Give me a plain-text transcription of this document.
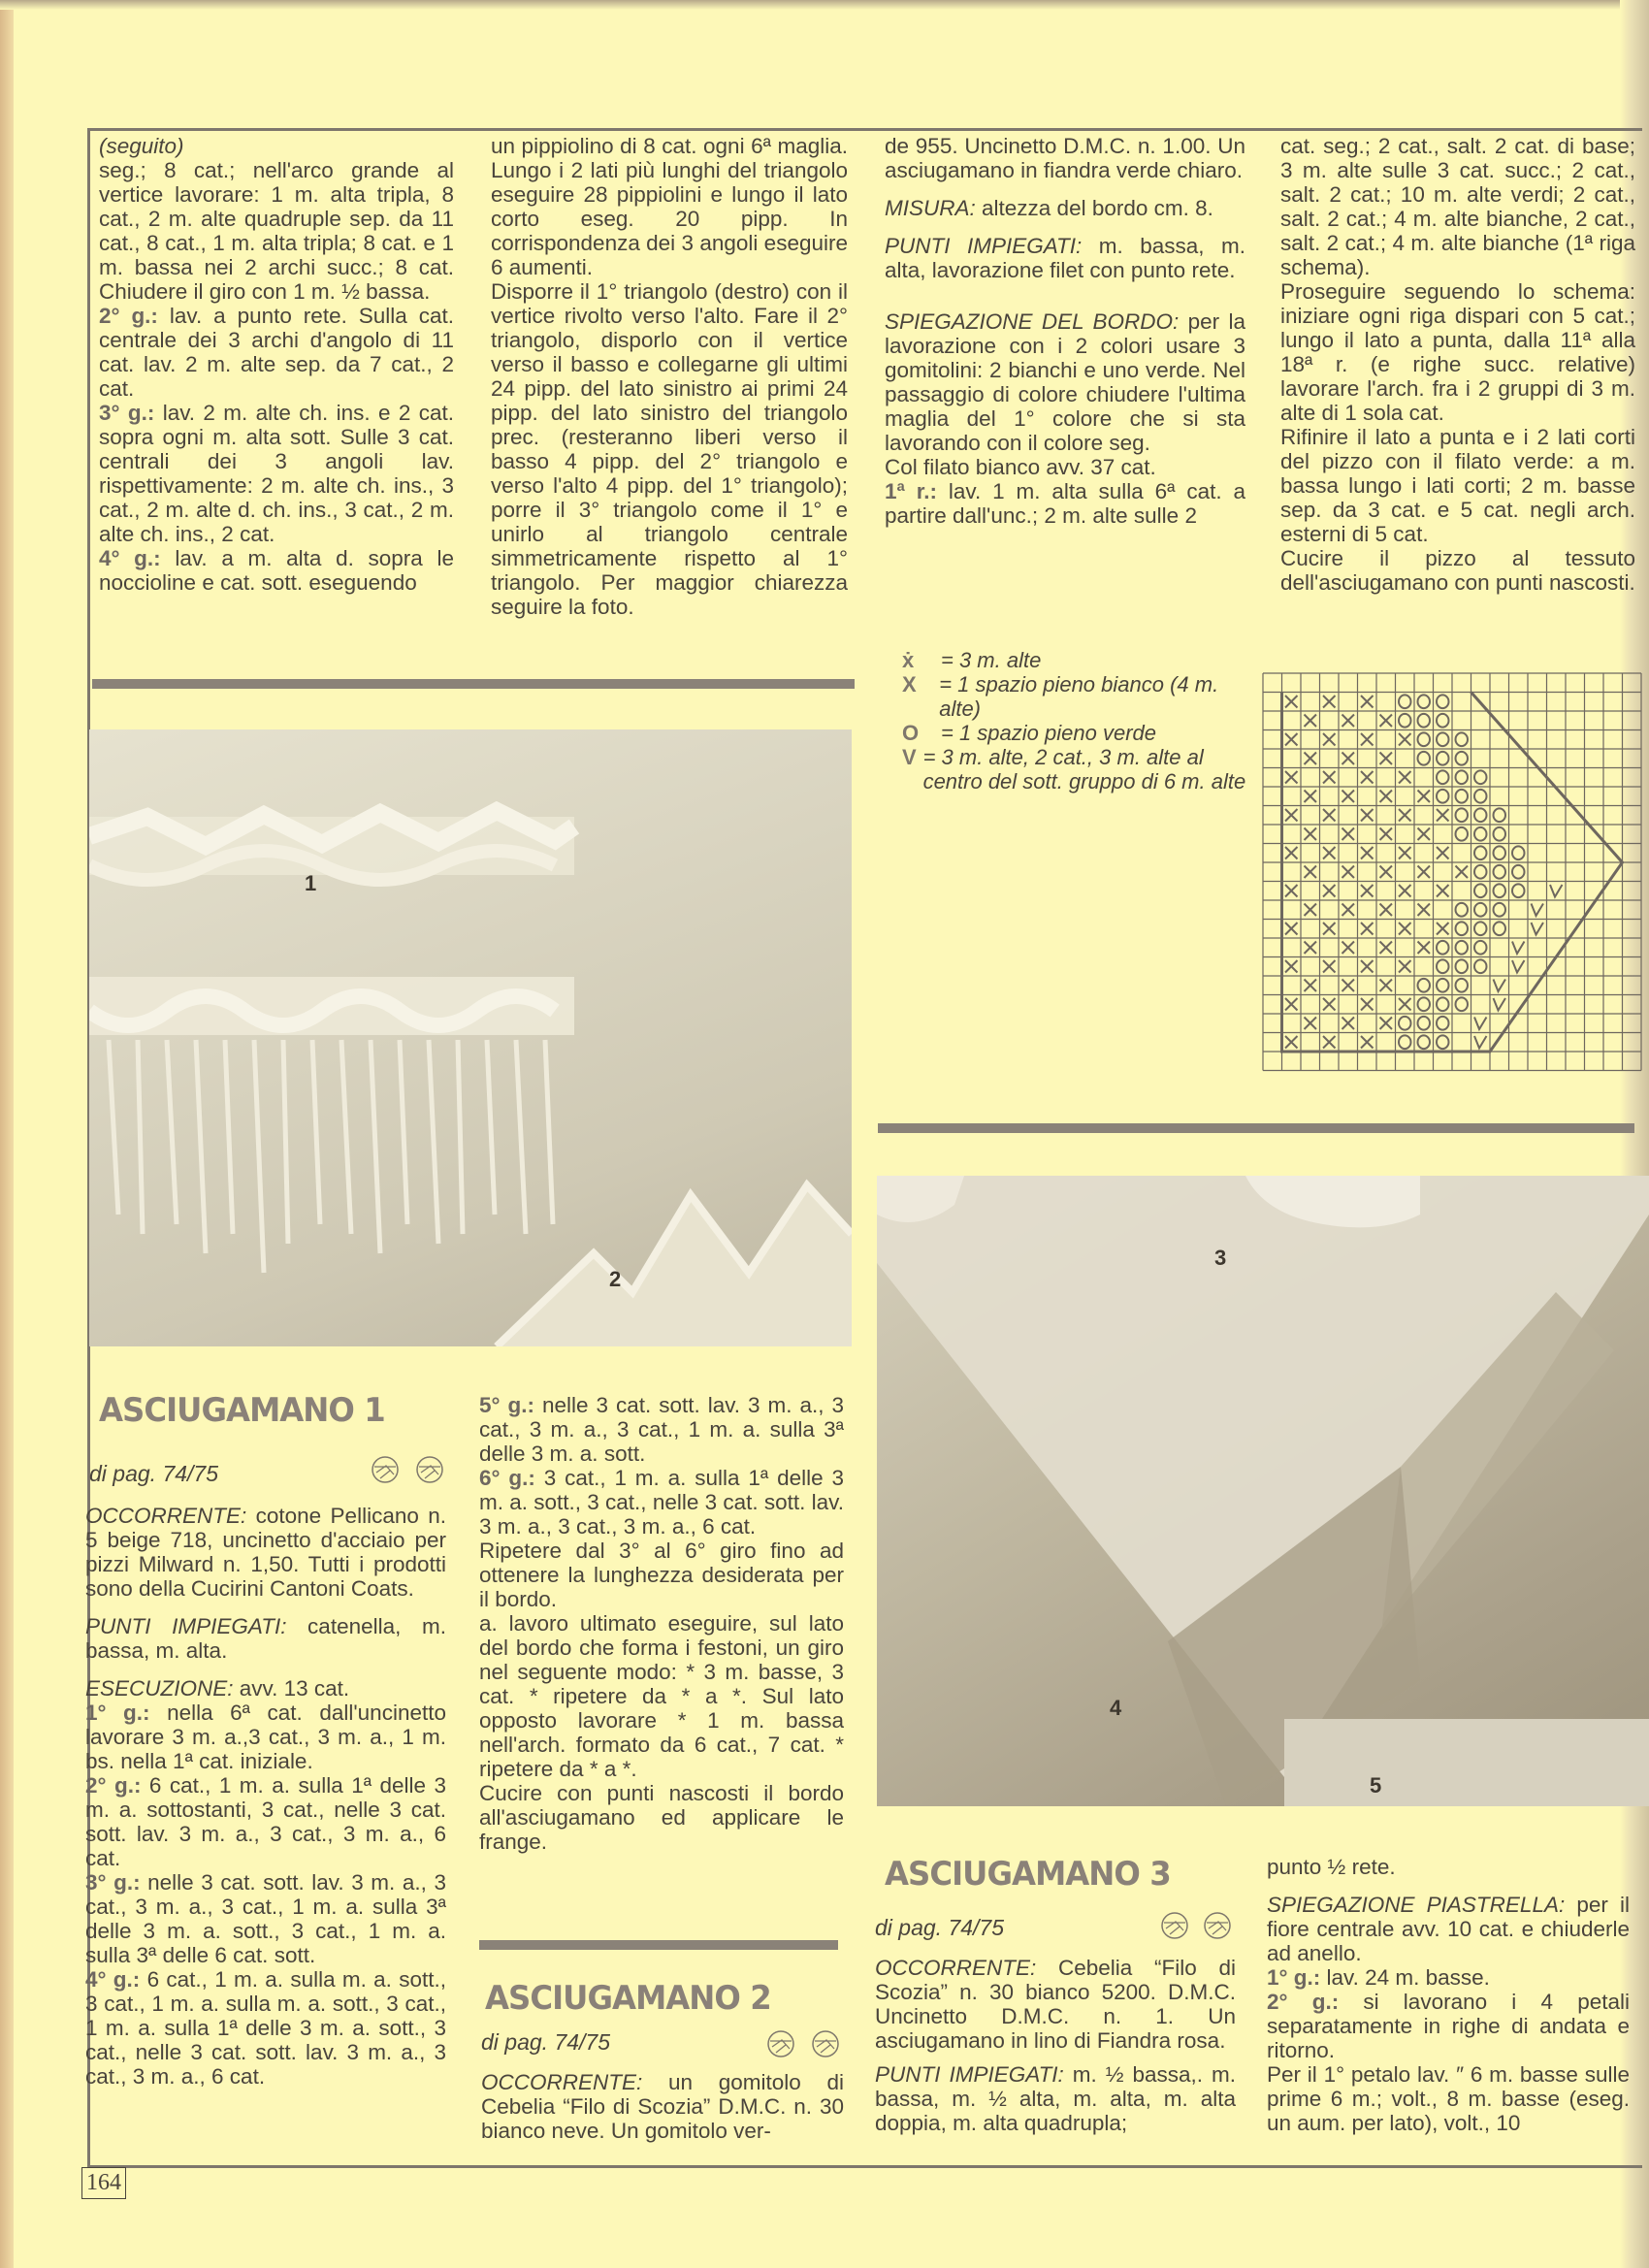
(seguito)

seg.; 8 cat.; nell'arco grande al vertice lavorare: 1 m. alta tripla, 8 cat., 2 m. alte quadruple sep. da 11 cat., 8 cat., 1 m. alta tripla; 8 cat. e 1 m. bassa nei 2 archi succ.; 8 cat. Chiudere il giro con 1 m. ½ bassa.

2° g.: lav. a punto rete. Sulla cat. centrale dei 3 archi d'angolo di 11 cat. lav. 2 m. alte sep. da 7 cat., 2 cat.

3° g.: lav. 2 m. alte ch. ins. e 2 cat. sopra ogni m. alta sott. Sulle 3 cat. centrali dei 3 angoli lav. rispettivamente: 2 m. alte ch. ins., 3 cat., 2 m. alte d. ch. ins., 3 cat., 2 m. alte ch. ins., 2 cat.

4° g.: lav. a m. alta d. sopra le noccioline e cat. sott. eseguendo

un pippiolino di 8 cat. ogni 6ª maglia. Lungo i 2 lati più lunghi del triangolo eseguire 28 pippiolini e lungo il lato corto eseg. 20 pipp. In corrispondenza dei 3 angoli eseguire 6 aumenti.

Disporre il 1° triangolo (destro) con il vertice rivolto verso l'alto. Fare il 2° triangolo, disporlo con il vertice verso il basso e collegarne gli ultimi 24 pipp. del lato sinistro ai primi 24 pipp. del lato sinistro del triangolo prec. (resteranno liberi verso il basso 4 pipp. del 2° triangolo e verso l'alto 4 pipp. del 1° triangolo); porre il 3° triangolo come il 1° e unirlo al triangolo centrale simmetricamente rispetto al 1° triangolo. Per maggior chiarezza seguire la foto.

de 955. Uncinetto D.M.C. n. 1.00. Un asciugamano in fiandra verde chiaro.

MISURA: altezza del bordo cm. 8.

PUNTI IMPIEGATI: m. bassa, m. alta, lavorazione filet con punto rete.

SPIEGAZIONE DEL BORDO: per la lavorazione con i 2 colori usare 3 gomitolini: 2 bianchi e uno verde. Nel passaggio di colore chiudere l'ultima maglia del 1° colore che si sta lavorando con il colore seg.

Col filato bianco avv. 37 cat.

1ª r.: lav. 1 m. alta sulla 6ª cat. a partire dall'unc.; 2 m. alte sulle 2

cat. seg.; 2 cat., salt. 2 cat. di base; 3 m. alte sulle 3 cat. succ.; 2 cat., salt. 2 cat.; 10 m. alte verdi; 2 cat., salt. 2 cat.; 4 m. alte bianche, 2 cat., salt. 2 cat.; 4 m. alte bianche (1ª riga schema).

Proseguire seguendo lo schema: iniziare ogni riga dispari con 5 cat.; lungo il lato a punta, dalla 11ª alla 18ª r. (e righe succ. relative) lavorare l'arch. fra i 2 gruppi di 3 m. alte di 1 sola cat.

Rifinire il lato a punta e i 2 lati corti del pizzo con il filato verde: a m. bassa lungo i lati corti; 2 m. basse sep. da 3 cat. e 5 cat. negli arch. esterni di 5 cat.

Cucire il pizzo al tessuto dell'asciugamano con punti nascosti.

ẋ	= 3 m. alte
X	= 1 spazio pieno bianco (4 m. alte)
O	= 1 spazio pieno verde
V = 3 m. alte, 2 cat., 3 m. alte al centro del sott. gruppo di 6 m. alte
1
2
3
4
5
ASCIUGAMANO 1
di pag. 74/75

OCCORRENTE: cotone Pellicano n. 5 beige 718, uncinetto d'acciaio per pizzi Milward n. 1,50. Tutti i prodotti sono della Cucirini Cantoni Coats.

PUNTI IMPIEGATI: catenella, m. bassa, m. alta.

ESECUZIONE: avv. 13 cat.

1° g.: nella 6ª cat. dall'uncinetto lavorare 3 m. a.,3 cat., 3 m. a., 1 m. bs. nella 1ª cat. iniziale.

2° g.: 6 cat., 1 m. a. sulla 1ª delle 3 m. a. sottostanti, 3 cat., nelle 3 cat. sott. lav. 3 m. a., 3 cat., 3 m. a., 6 cat.

3° g.: nelle 3 cat. sott. lav. 3 m. a., 3 cat., 3 m. a., 3 cat., 1 m. a. sulla 3ª delle 3 m. a. sott., 3 cat., 1 m. a. sulla 3ª delle 6 cat. sott.

4° g.: 6 cat., 1 m. a. sulla m. a. sott., 3 cat., 1 m. a. sulla m. a. sott., 3 cat., 1 m. a. sulla 1ª delle 3 m. a. sott., 3 cat., nelle 3 cat. sott. lav. 3 m. a., 3 cat., 3 m. a., 6 cat.

5° g.: nelle 3 cat. sott. lav. 3 m. a., 3 cat., 3 m. a., 3 cat., 1 m. a. sulla 3ª delle 3 m. a. sott.

6° g.: 3 cat., 1 m. a. sulla 1ª delle 3 m. a. sott., 3 cat., nelle 3 cat. sott. lav. 3 m. a., 3 cat., 3 m. a., 6 cat.

Ripetere dal 3° al 6° giro fino ad ottenere la lunghezza desiderata per il bordo.

a. lavoro ultimato eseguire, sul lato del bordo che forma i festoni, un giro nel seguente modo: * 3 m. basse, 3 cat. * ripetere da * a *. Sul lato opposto lavorare * 1 m. bassa nell'arch. formato da 6 cat., 7 cat. * ripetere da * a *.

Cucire con punti nascosti il bordo all'asciugamano ed applicare le frange.

ASCIUGAMANO 2
di pag. 74/75

OCCORRENTE: un gomitolo di Cebelia “Filo di Scozia” D.M.C. n. 30 bianco neve. Un gomitolo ver-

ASCIUGAMANO 3
di pag. 74/75

OCCORRENTE: Cebelia “Filo di Scozia” n. 30 bianco 5200. D.M.C. Uncinetto D.M.C. n. 1. Un asciugamano in lino di Fiandra rosa.

PUNTI IMPIEGATI: m. ½ bassa,. m. bassa, m. ½ alta, m. alta, m. alta doppia, m. alta quadrupla;

punto ½ rete.

SPIEGAZIONE PIASTRELLA: per il fiore centrale avv. 10 cat. e chiuderle ad anello.

1° g.: lav. 24 m. basse.

2° g.: si lavorano i 4 petali separatamente in righe di andata e ritorno.

Per il 1° petalo lav. ″ 6 m. basse sulle prime 6 m.; volt., 8 m. basse (eseg. un aum. per lato), volt., 10

164
